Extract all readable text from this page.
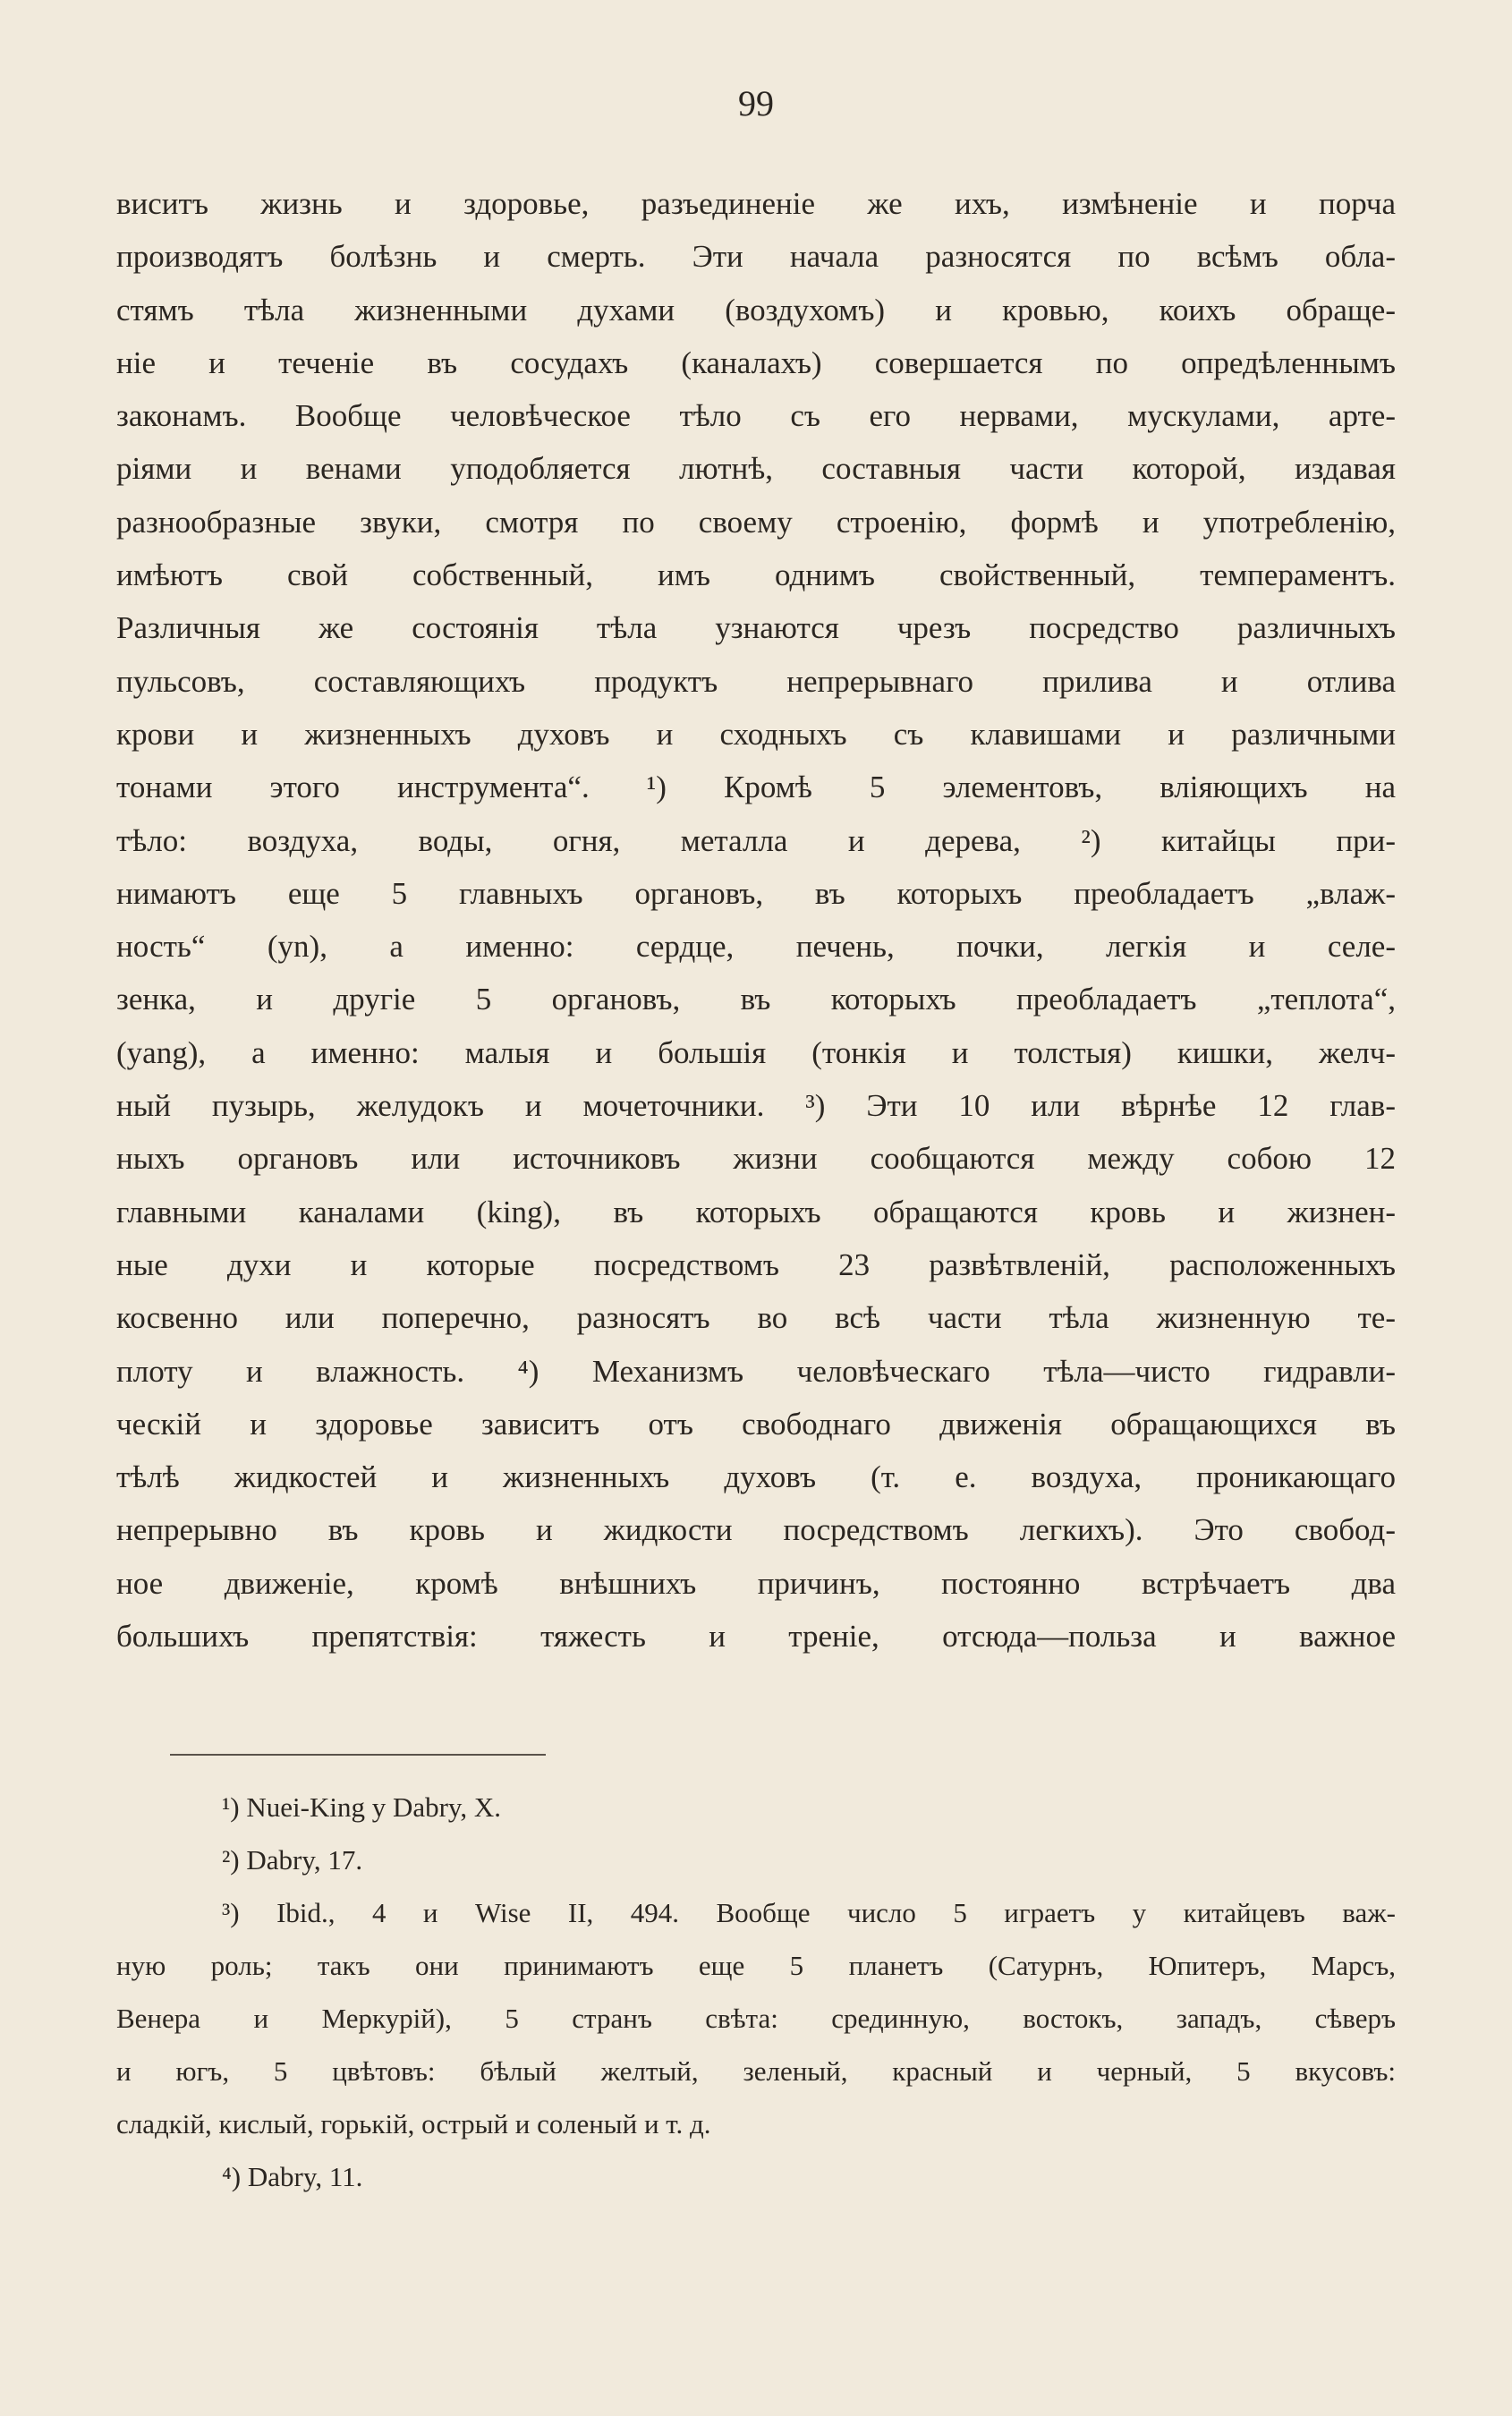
99
виситъ жизнь и здоровье, разъединеніе же ихъ, измѣненіе и порча
производятъ болѣзнь и смерть. Эти начала разносятся по всѣмъ обла-
стямъ тѣла жизненными духами (воздухомъ) и кровью, коихъ обраще-
ніе и теченіе въ сосудахъ (каналахъ) совершается по опредѣленнымъ
законамъ. Вообще человѣческое тѣло съ его нервами, мускулами, арте-
ріями и венами уподобляется лютнѣ, составныя части которой, издавая
разнообразные звуки, смотря по своему строенію, формѣ и употребленію,
имѣютъ свой собственный, имъ однимъ свойственный, темпераментъ.
Различныя же состоянія тѣла узнаются чрезъ посредство различныхъ
пульсовъ, составляющихъ продуктъ непрерывнаго прилива и отлива
крови и жизненныхъ духовъ и сходныхъ съ клавишами и различными
тонами этого инструмента“. ¹) Кромѣ 5 элементовъ, вліяющихъ на
тѣло: воздуха, воды, огня, металла и дерева, ²) китайцы при-
нимаютъ еще 5 главныхъ органовъ, въ которыхъ преобладаетъ „влаж-
ность“ (yn), а именно: сердце, печень, почки, легкія и селе-
зенка, и другіе 5 органовъ, въ которыхъ преобладаетъ „теплота“,
(yang), а именно: малыя и большія (тонкія и толстыя) кишки, желч-
ный пузырь, желудокъ и мочеточники. ³) Эти 10 или вѣрнѣе 12 глав-
ныхъ органовъ или источниковъ жизни сообщаются между собою 12
главными каналами (king), въ которыхъ обращаются кровь и жизнен-
ные духи и которые посредствомъ 23 развѣтвленій, расположенныхъ
косвенно или поперечно, разносятъ во всѣ части тѣла жизненную те-
плоту и влажность. ⁴) Механизмъ человѣческаго тѣла—чисто гидравли-
ческій и здоровье зависитъ отъ свободнаго движенія обращающихся въ
тѣлѣ жидкостей и жизненныхъ духовъ (т. е. воздуха, проникающаго
непрерывно въ кровь и жидкости посредствомъ легкихъ). Это свобод-
ное движеніе, кромѣ внѣшнихъ причинъ, постоянно встрѣчаетъ два
большихъ препятствія: тяжесть и треніе, отсюда—польза и важное
¹) Nuei-King y Dabry, X.
²) Dabry, 17.
³) Ibid., 4 и Wise II, 494. Вообще число 5 играетъ у китайцевъ важ-
ную роль; такъ они принимаютъ еще 5 планетъ (Сатурнъ, Юпитеръ, Марсъ,
Венера и Меркурій), 5 странъ свѣта: срединную, востокъ, западъ, сѣверъ
и югъ, 5 цвѣтовъ: бѣлый желтый, зеленый, красный и черный, 5 вкусовъ:
сладкій, кислый, горькій, острый и соленый и т. д.
⁴) Dabry, 11.
